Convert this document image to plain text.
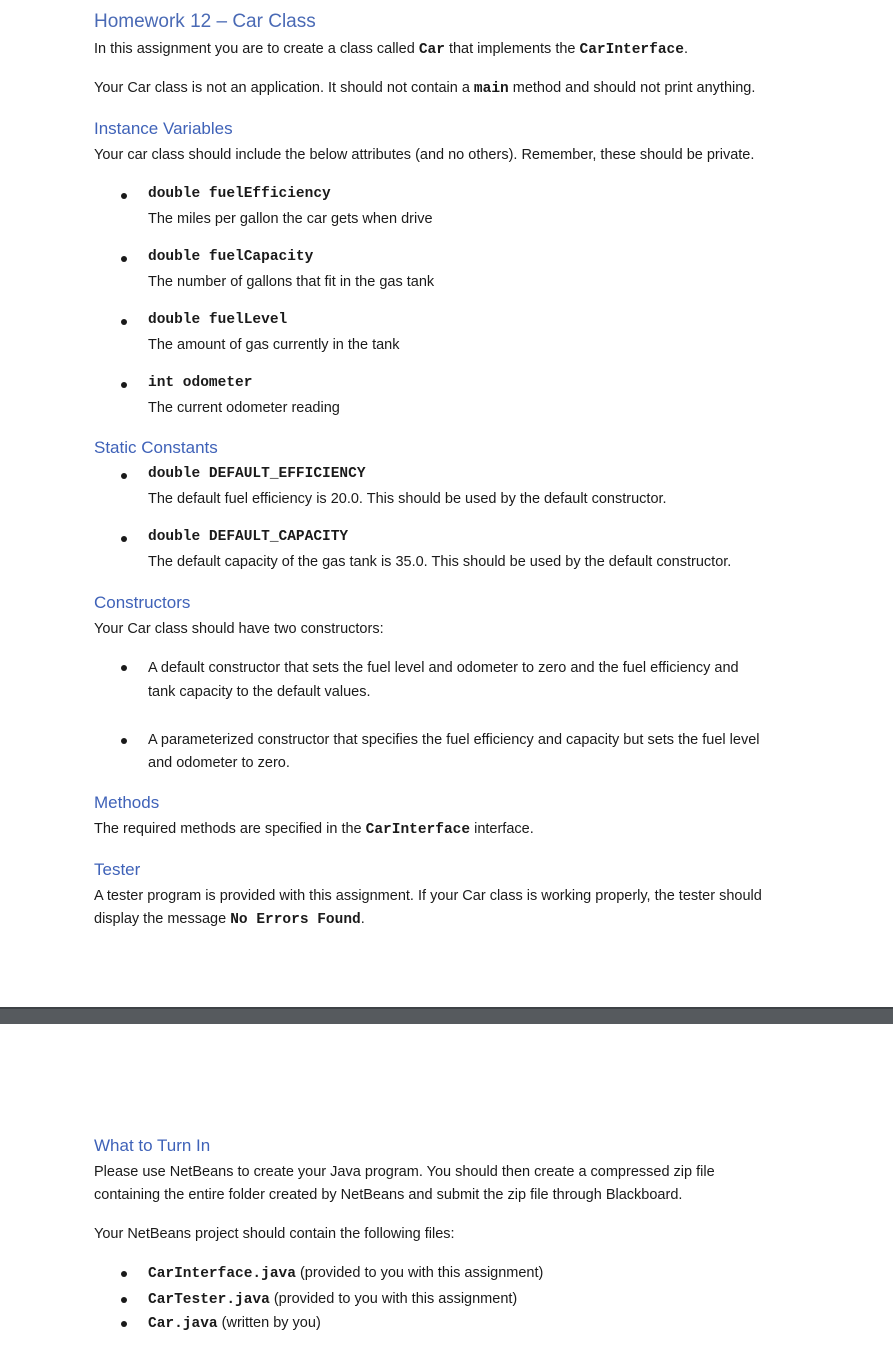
Homework 12 – Car Class

In this assignment you are to create a class called Car that implements the CarInterface.

Your Car class is not an application. It should not contain a main method and should not print anything.

Instance Variables

Your car class should include the below attributes (and no others). Remember, these should be private.

double fuelEfficiency
The miles per gallon the car gets when drive
double fuelCapacity
The number of gallons that fit in the gas tank
double fuelLevel
The amount of gas currently in the tank
int odometer
The current odometer reading
Static Constants
double DEFAULT_EFFICIENCY
The default fuel efficiency is 20.0. This should be used by the default constructor.
double DEFAULT_CAPACITY
The default capacity of the gas tank is 35.0. This should be used by the default constructor.
Constructors

Your Car class should have two constructors:

A default constructor that sets the fuel level and odometer to zero and the fuel efficiency and
tank capacity to the default values.
A parameterized constructor that specifies the fuel efficiency and capacity but sets the fuel level
and odometer to zero.
Methods

The required methods are specified in the CarInterface interface.

Tester

A tester program is provided with this assignment. If your Car class is working properly, the tester should

display the message No Errors Found.

What to Turn In

Please use NetBeans to create your Java program. You should then create a compressed zip file

containing the entire folder created by NetBeans and submit the zip file through Blackboard.

Your NetBeans project should contain the following files:

CarInterface.java (provided to you with this assignment)

CarTester.java (provided to you with this assignment)

Car.java (written by you)
